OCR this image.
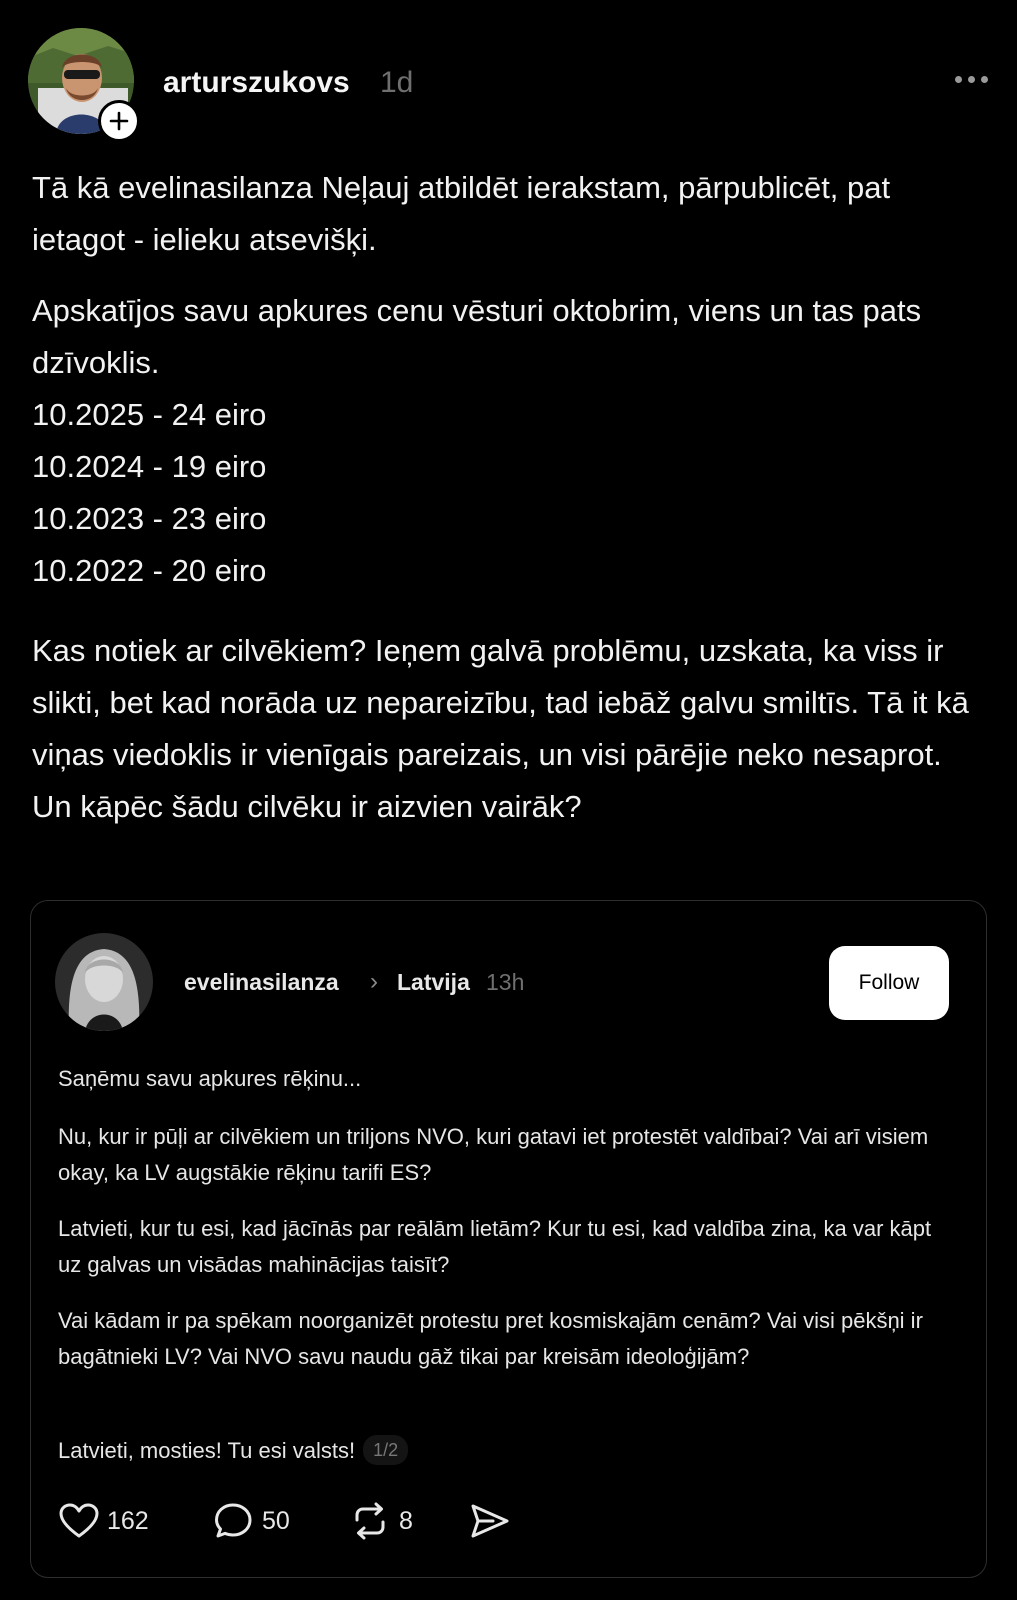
arturszukovs 1d
Tā kā evelinasilanza Neļauj atbildēt ierakstam, pārpublicēt, pat ietagot - ielieku atsevišķi.
Apskatījos savu apkures cenu vēsturi oktobrim, viens un tas pats dzīvoklis.
10.2025 - 24 eiro
10.2024 - 19 eiro
10.2023 - 23 eiro
10.2022 - 20 eiro
Kas notiek ar cilvēkiem? Ieņem galvā problēmu, uzskata, ka viss ir slikti, bet kad norāda uz nepareizību, tad iebāž galvu smiltīs. Tā it kā viņas viedoklis ir vienīgais pareizais, un visi pārējie neko nesaprot. Un kāpēc šādu cilvēku ir aizvien vairāk?
evelinasilanza › Latvija 13h	Follow
Saņēmu savu apkures rēķinu...
Nu, kur ir pūļi ar cilvēkiem un triljons NVO, kuri gatavi iet protestēt valdībai? Vai arī visiem okay, ka LV augstākie rēķinu tarifi ES?
Latvieti, kur tu esi, kad jācīnās par reālām lietām? Kur tu esi, kad valdība zina, ka var kāpt uz galvas un visādas mahinācijas taisīt?
Vai kādam ir pa spēkam noorganizēt protestu pret kosmiskajām cenām? Vai visi pēkšņi ir bagātnieki LV? Vai NVO savu naudu gāž tikai par kreisām ideoloģijām?
Latvieti, mosties! Tu esi valsts! 1/2
162	50	8
